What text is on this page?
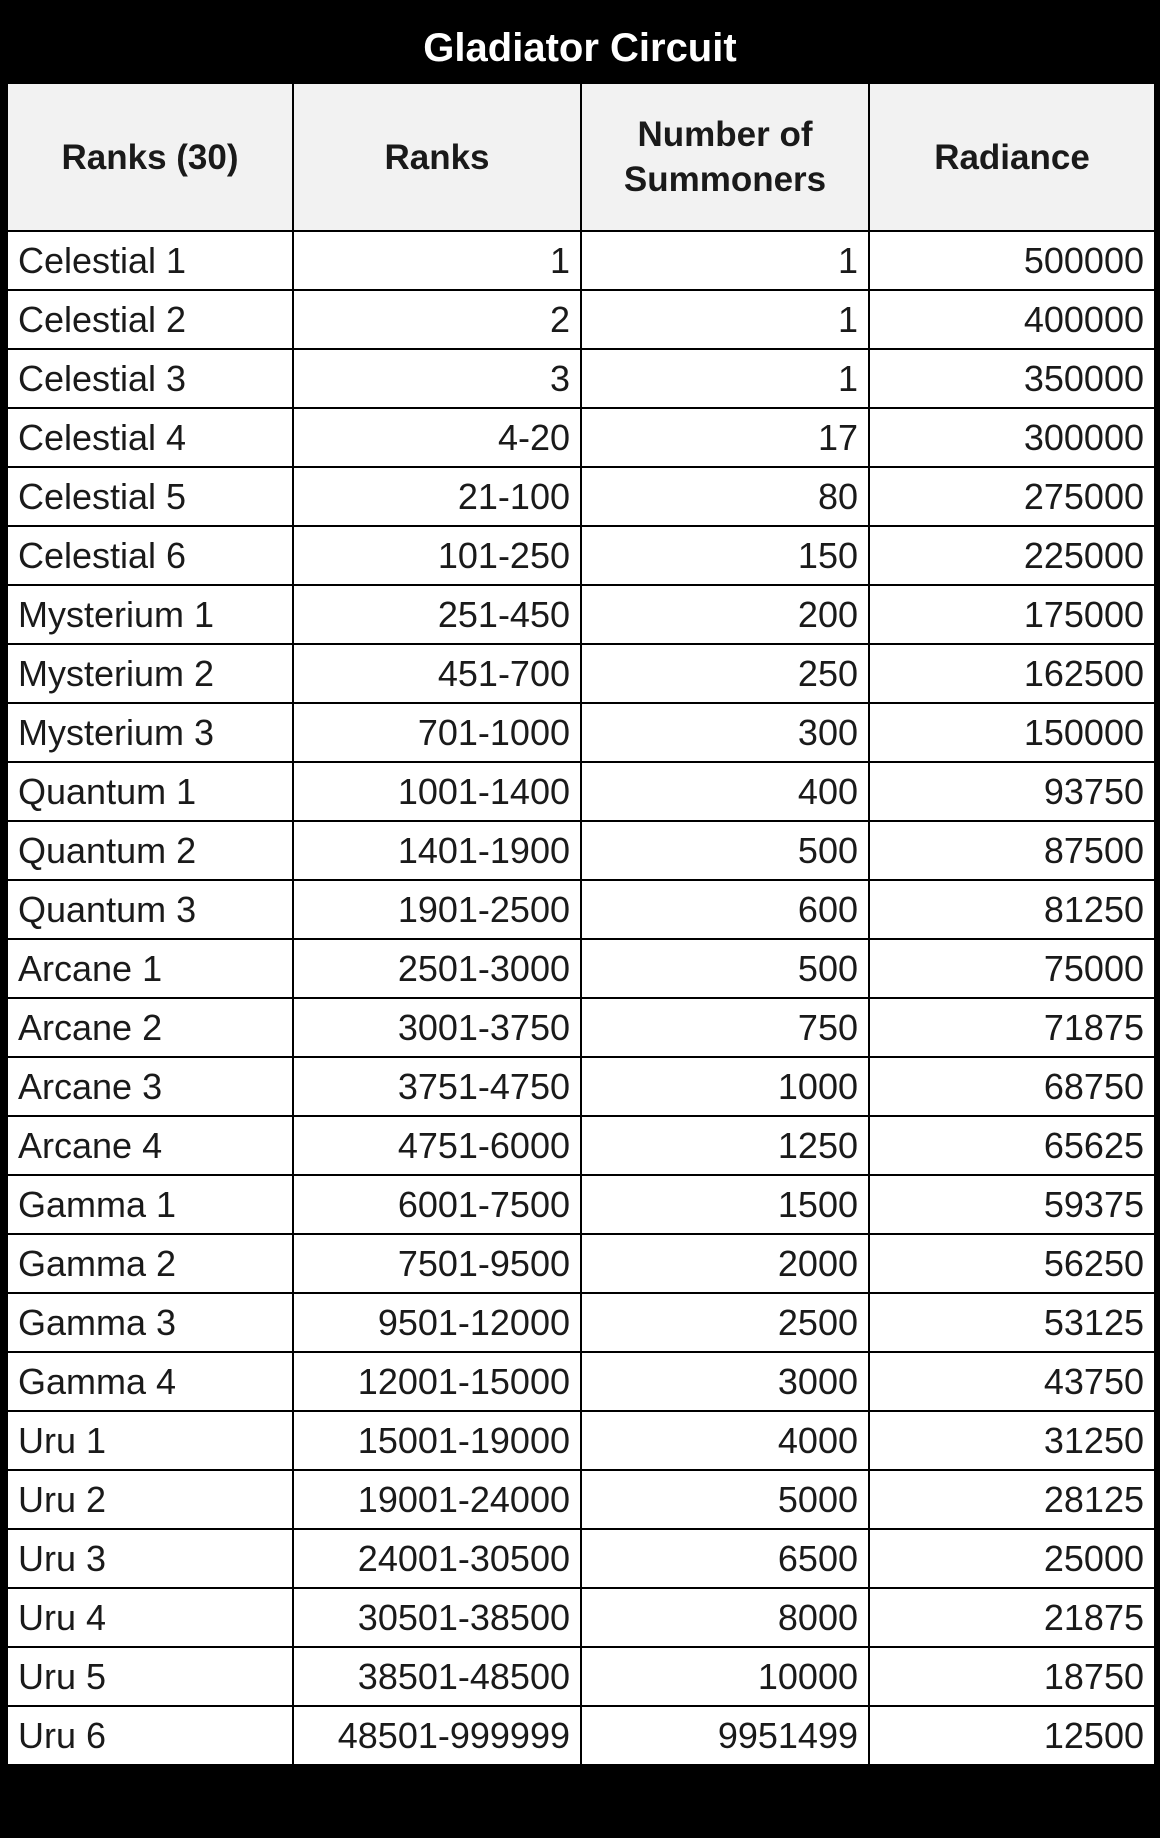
Gladiator Circuit
Ranks (30)	Ranks	Number of Summoners	Radiance
Celestial 1	1	1	500000
Celestial 2	2	1	400000
Celestial 3	3	1	350000
Celestial 4	4-20	17	300000
Celestial 5	21-100	80	275000
Celestial 6	101-250	150	225000
Mysterium 1	251-450	200	175000
Mysterium 2	451-700	250	162500
Mysterium 3	701-1000	300	150000
Quantum 1	1001-1400	400	93750
Quantum 2	1401-1900	500	87500
Quantum 3	1901-2500	600	81250
Arcane 1	2501-3000	500	75000
Arcane 2	3001-3750	750	71875
Arcane 3	3751-4750	1000	68750
Arcane 4	4751-6000	1250	65625
Gamma 1	6001-7500	1500	59375
Gamma 2	7501-9500	2000	56250
Gamma 3	9501-12000	2500	53125
Gamma 4	12001-15000	3000	43750
Uru 1	15001-19000	4000	31250
Uru 2	19001-24000	5000	28125
Uru 3	24001-30500	6500	25000
Uru 4	30501-38500	8000	21875
Uru 5	38501-48500	10000	18750
Uru 6	48501-999999	9951499	12500
